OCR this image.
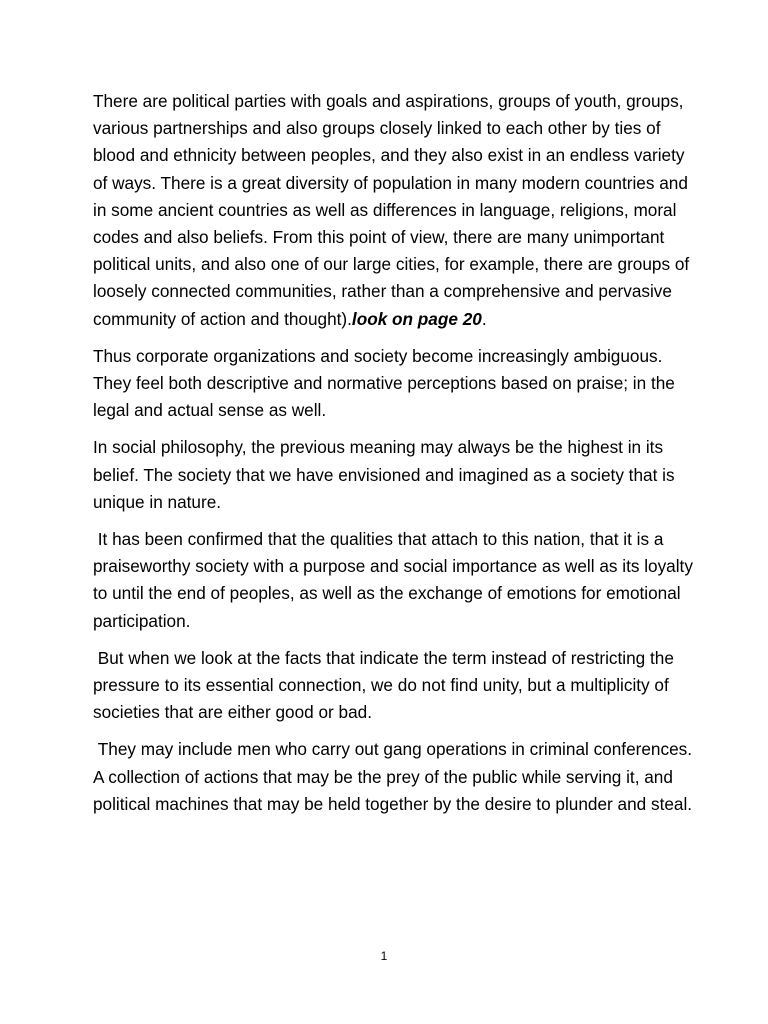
There are political parties with goals and aspirations, groups of youth, groups, various partnerships and also groups closely linked to each other by ties of blood and ethnicity between peoples, and they also exist in an endless variety of ways. There is a great diversity of population in many modern countries and in some ancient countries as well as differences in language, religions, moral codes and also beliefs. From this point of view, there are many unimportant political units, and also one of our large cities, for example, there are groups of loosely connected communities, rather than a comprehensive and pervasive community of action and thought).look on page 20.

Thus corporate organizations and society become increasingly ambiguous. They feel both descriptive and normative perceptions based on praise; in the legal and actual sense as well.

In social philosophy, the previous meaning may always be the highest in its belief. The society that we have envisioned and imagined as a society that is unique in nature.

It has been confirmed that the qualities that attach to this nation, that it is a praiseworthy society with a purpose and social importance as well as its loyalty to until the end of peoples, as well as the exchange of emotions for emotional participation.

But when we look at the facts that indicate the term instead of restricting the pressure to its essential connection, we do not find unity, but a multiplicity of societies that are either good or bad.

They may include men who carry out gang operations in criminal conferences.

A collection of actions that may be the prey of the public while serving it, and political machines that may be held together by the desire to plunder and steal.

1
